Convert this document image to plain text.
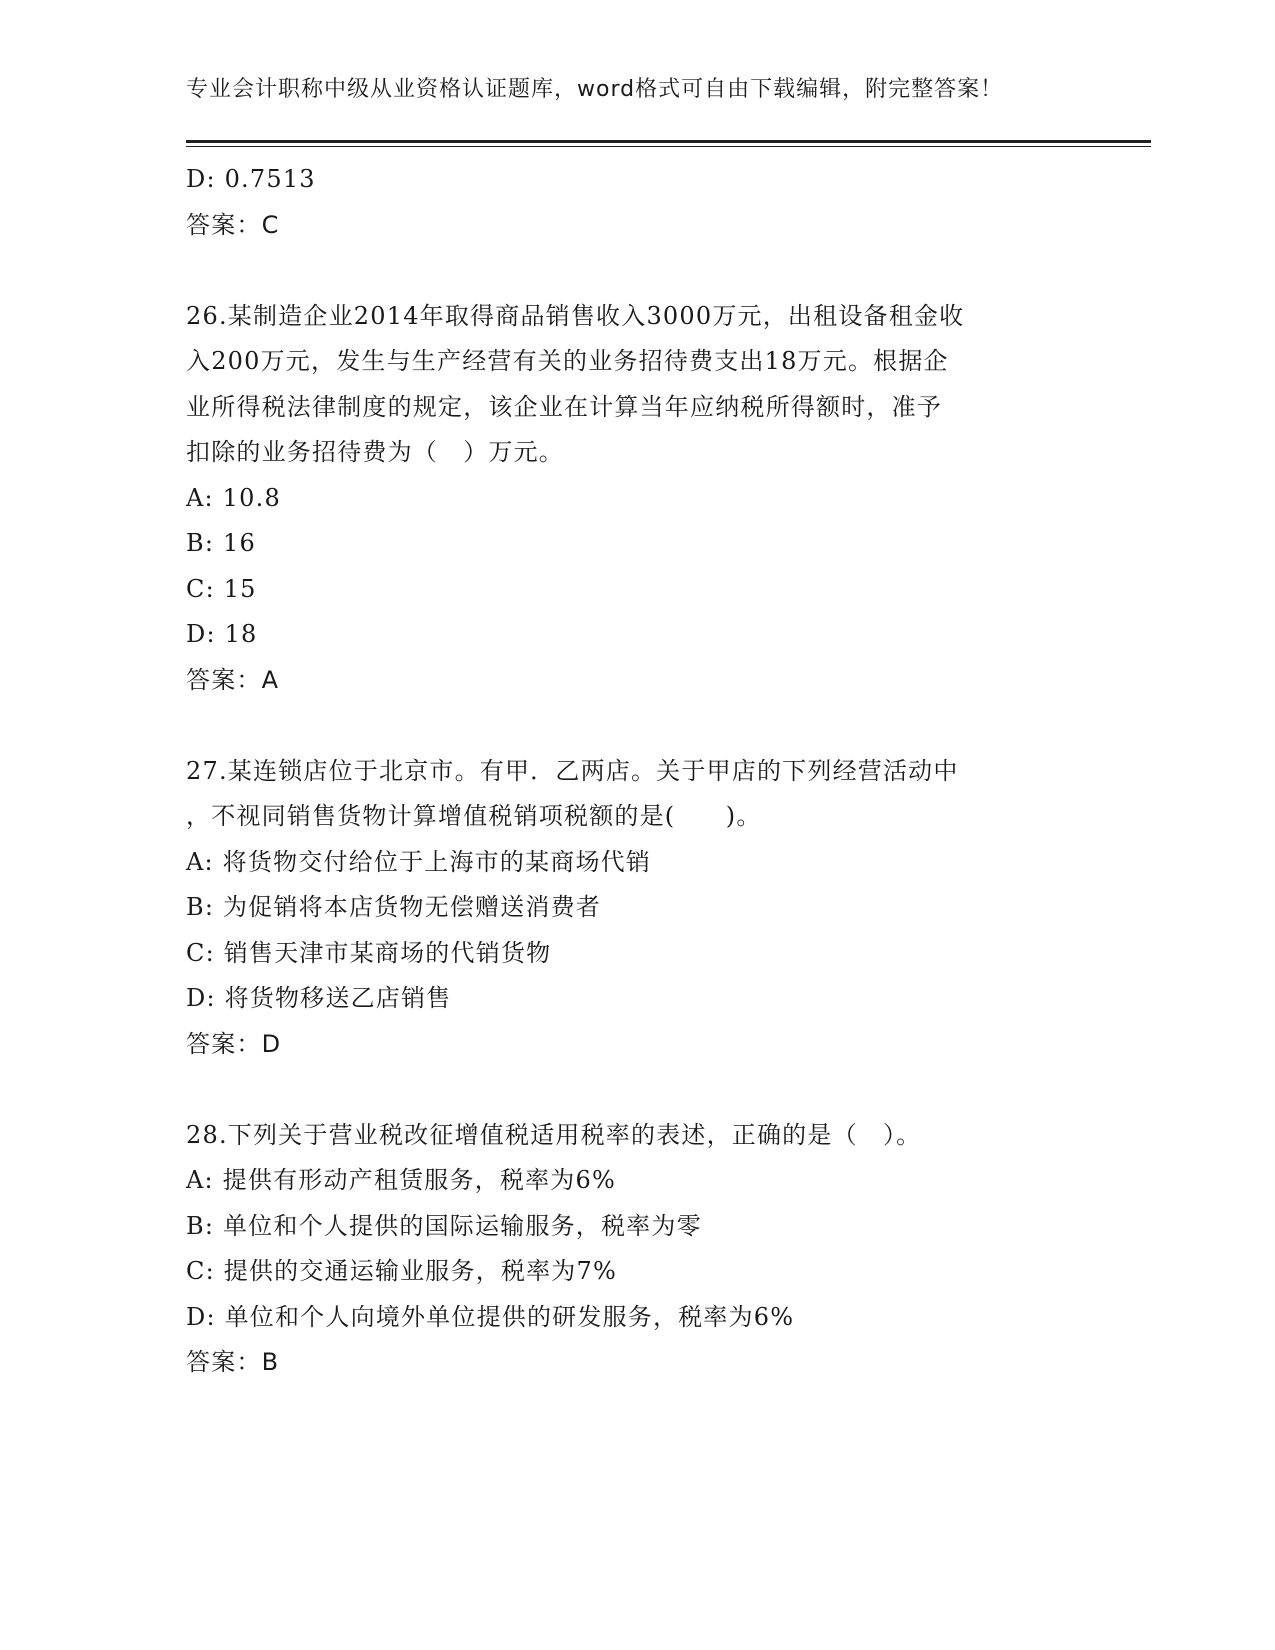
专业会计职称中级从业资格认证题库，word格式可自由下载编辑，附完整答案！
D: 0.7513
答案：C
26.某制造企业2014年取得商品销售收入3000万元，出租设备租金收
入200万元，发生与生产经营有关的业务招待费支出18万元。根据企
业所得税法律制度的规定，该企业在计算当年应纳税所得额时，准予
扣除的业务招待费为（　）万元。
A: 10.8
B: 16
C: 15
D: 18
答案：A
27.某连锁店位于北京市。有甲．乙两店。关于甲店的下列经营活动中
，不视同销售货物计算增值税销项税额的是(　　)。
A: 将货物交付给位于上海市的某商场代销
B: 为促销将本店货物无偿赠送消费者
C: 销售天津市某商场的代销货物
D: 将货物移送乙店销售
答案：D
28.下列关于营业税改征增值税适用税率的表述，正确的是（　）。
A: 提供有形动产租赁服务，税率为6%
B: 单位和个人提供的国际运输服务，税率为零
C: 提供的交通运输业服务，税率为7%
D: 单位和个人向境外单位提供的研发服务，税率为6%
答案：B
